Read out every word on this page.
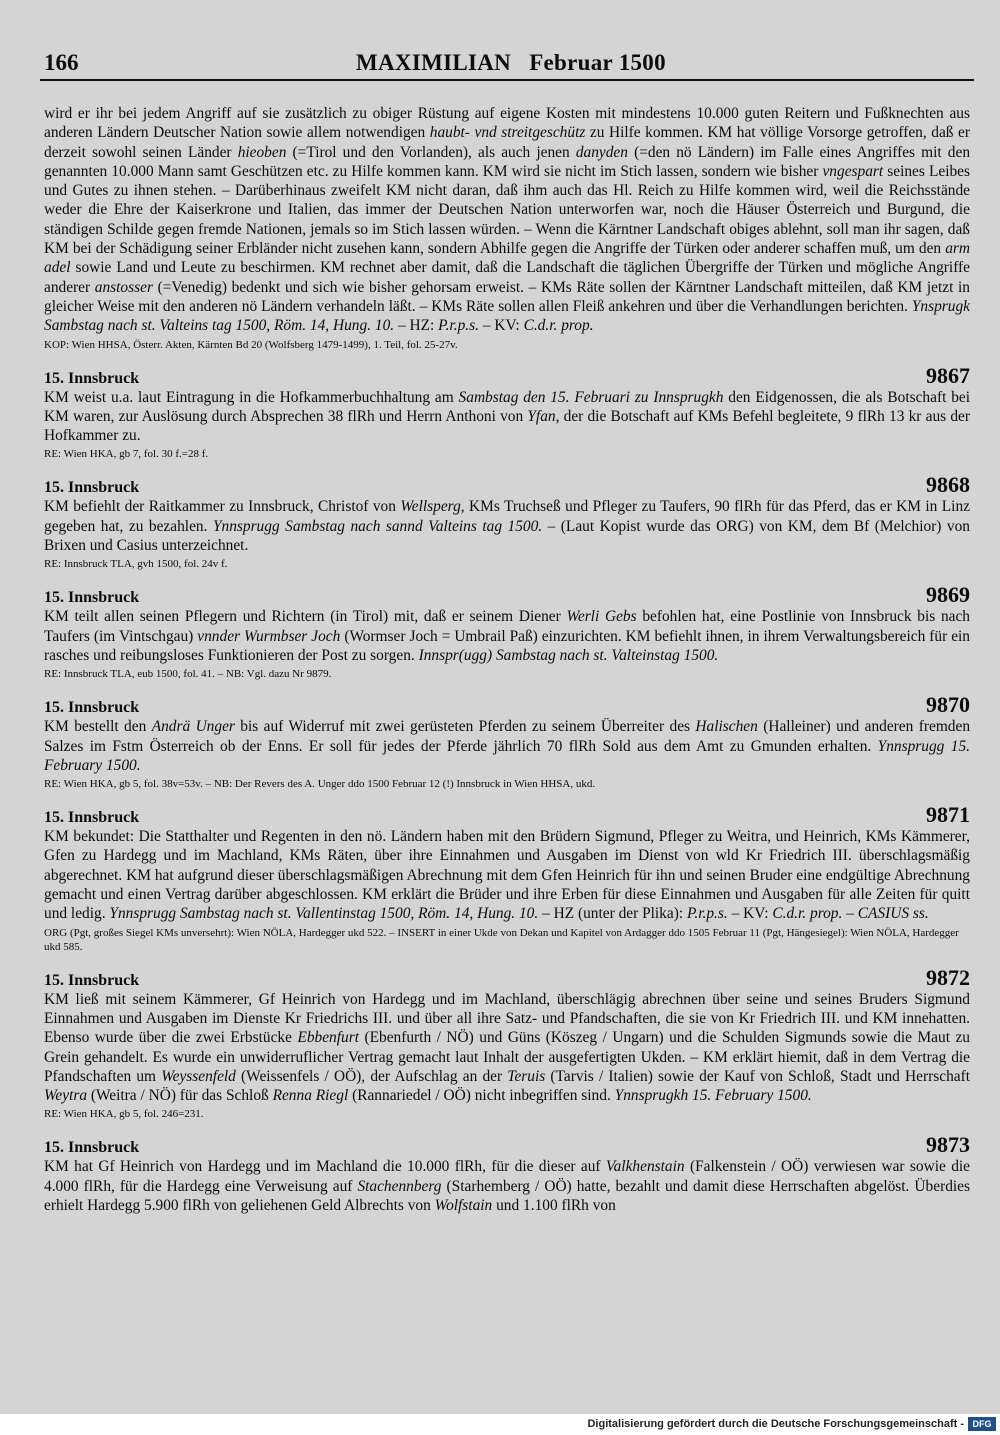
166	MAXIMILIAN   Februar 1500

wird er ihr bei jedem Angriff auf sie zusätzlich zu obiger Rüstung auf eigene Kosten mit mindestens 10.000 guten Reitern und Fußknechten aus anderen Ländern Deutscher Nation sowie allem notwendigen haubt- vnd streitgeschütz zu Hilfe kommen. KM hat völlige Vorsorge getroffen, daß er derzeit sowohl seinen Länder hieoben (=Tirol und den Vorlanden), als auch jenen danyden (=den nö Ländern) im Falle eines Angriffes mit den genannten 10.000 Mann samt Geschützen etc. zu Hilfe kommen kann. KM wird sie nicht im Stich lassen, sondern wie bisher vngespart seines Leibes und Gutes zu ihnen stehen. – Darüberhinaus zweifelt KM nicht daran, daß ihm auch das Hl. Reich zu Hilfe kommen wird, weil die Reichsstände weder die Ehre der Kaiserkrone und Italien, das immer der Deutschen Nation unterworfen war, noch die Häuser Österreich und Burgund, die ständigen Schilde gegen fremde Nationen, jemals so im Stich lassen würden. – Wenn die Kärntner Landschaft obiges ablehnt, soll man ihr sagen, daß KM bei der Schädigung seiner Erbländer nicht zusehen kann, sondern Abhilfe gegen die Angriffe der Türken oder anderer schaffen muß, um den arm adel sowie Land und Leute zu beschirmen. KM rechnet aber damit, daß die Landschaft die täglichen Übergriffe der Türken und mögliche Angriffe anderer anstosser (=Venedig) bedenkt und sich wie bisher gehorsam erweist. – KMs Räte sollen der Kärntner Landschaft mitteilen, daß KM jetzt in gleicher Weise mit den anderen nö Ländern verhandeln läßt. – KMs Räte sollen allen Fleiß ankehren und über die Verhandlungen berichten. Ynsprugk Sambstag nach st. Valteins tag 1500, Röm. 14, Hung. 10. – HZ: P.r.p.s. – KV: C.d.r. prop.

KOP: Wien HHSA, Österr. Akten, Kärnten Bd 20 (Wolfsberg 1479-1499), 1. Teil, fol. 25-27v.

15. Innsbruck	9867

KM weist u.a. laut Eintragung in die Hofkammerbuchhaltung am Sambstag den 15. Februari zu Innsprugkh den Eidgenossen, die als Botschaft bei KM waren, zur Auslösung durch Absprechen 38 flRh und Herrn Anthoni von Yfan, der die Botschaft auf KMs Befehl begleitete, 9 flRh 13 kr aus der Hofkammer zu.

RE: Wien HKA, gb 7, fol. 30 f.=28 f.

15. Innsbruck	9868

KM befiehlt der Raitkammer zu Innsbruck, Christof von Wellsperg, KMs Truchseß und Pfleger zu Taufers, 90 flRh für das Pferd, das er KM in Linz gegeben hat, zu bezahlen. Ynnsprugg Sambstag nach sannd Valteins tag 1500. – (Laut Kopist wurde das ORG) von KM, dem Bf (Melchior) von Brixen und Casius unterzeichnet.

RE: Innsbruck TLA, gvh 1500, fol. 24v f.

15. Innsbruck	9869

KM teilt allen seinen Pflegern und Richtern (in Tirol) mit, daß er seinem Diener Werli Gebs befohlen hat, eine Postlinie von Innsbruck bis nach Taufers (im Vintschgau) vnnder Wurmbser Joch (Wormser Joch = Umbrail Paß) einzurichten. KM befiehlt ihnen, in ihrem Verwaltungsbereich für ein rasches und reibungsloses Funktionieren der Post zu sorgen. Innspr(ugg) Sambstag nach st. Valteinstag 1500.

RE: Innsbruck TLA, eub 1500, fol. 41. – NB: Vgl. dazu Nr 9879.

15. Innsbruck	9870

KM bestellt den Andrä Unger bis auf Widerruf mit zwei gerüsteten Pferden zu seinem Überreiter des Halischen (Halleiner) und anderen fremden Salzes im Fstm Österreich ob der Enns. Er soll für jedes der Pferde jährlich 70 flRh Sold aus dem Amt zu Gmunden erhalten. Ynnsprugg 15. February 1500.

RE: Wien HKA, gb 5, fol. 38v=53v. – NB: Der Revers des A. Unger ddo 1500 Februar 12 (!) Innsbruck in Wien HHSA, ukd.

15. Innsbruck	9871

KM bekundet: Die Statthalter und Regenten in den nö. Ländern haben mit den Brüdern Sigmund, Pfleger zu Weitra, und Heinrich, KMs Kämmerer, Gfen zu Hardegg und im Machland, KMs Räten, über ihre Einnahmen und Ausgaben im Dienst von wld Kr Friedrich III. überschlagsmäßig abgerechnet. KM hat aufgrund dieser überschlagsmäßigen Abrechnung mit dem Gfen Heinrich für ihn und seinen Bruder eine endgültige Abrechnung gemacht und einen Vertrag darüber abgeschlossen. KM erklärt die Brüder und ihre Erben für diese Einnahmen und Ausgaben für alle Zeiten für quitt und ledig. Ynnsprugg Sambstag nach st. Vallentinstag 1500, Röm. 14, Hung. 10. – HZ (unter der Plika): P.r.p.s. – KV: C.d.r. prop. – CASIUS ss.

ORG (Pgt, großes Siegel KMs unversehrt): Wien NÖLA, Hardegger ukd 522. – INSERT in einer Ukde von Dekan und Kapitel von Ardagger ddo 1505 Februar 11 (Pgt, Hängesiegel): Wien NÖLA, Hardegger ukd 585.

15. Innsbruck	9872

KM ließ mit seinem Kämmerer, Gf Heinrich von Hardegg und im Machland, überschlägig abrechnen über seine und seines Bruders Sigmund Einnahmen und Ausgaben im Dienste Kr Friedrichs III. und über all ihre Satz- und Pfandschaften, die sie von Kr Friedrich III. und KM innehatten. Ebenso wurde über die zwei Erbstücke Ebbenfurt (Ebenfurth / NÖ) und Güns (Köszeg / Ungarn) und die Schulden Sigmunds sowie die Maut zu Grein gehandelt. Es wurde ein unwiderruflicher Vertrag gemacht laut Inhalt der ausgefertigten Ukden. – KM erklärt hiemit, daß in dem Vertrag die Pfandschaften um Weyssenfeld (Weissenfels / OÖ), der Aufschlag an der Teruis (Tarvis / Italien) sowie der Kauf von Schloß, Stadt und Herrschaft Weytra (Weitra / NÖ) für das Schloß Renna Riegl (Rannariedel / OÖ) nicht inbegriffen sind. Ynnsprugkh 15. February 1500.

RE: Wien HKA, gb 5, fol. 246=231.

15. Innsbruck	9873

KM hat Gf Heinrich von Hardegg und im Machland die 10.000 flRh, für die dieser auf Valkhenstain (Falkenstein / OÖ) verwiesen war sowie die 4.000 flRh, für die Hardegg eine Verweisung auf Stachennberg (Starhemberg / OÖ) hatte, bezahlt und damit diese Herrschaften abgelöst. Überdies erhielt Hardegg 5.900 flRh von geliehenen Geld Albrechts von Wolfstain und 1.100 flRh von

Digitalisierung gefördert durch die Deutsche Forschungsgemeinschaft - DFG
